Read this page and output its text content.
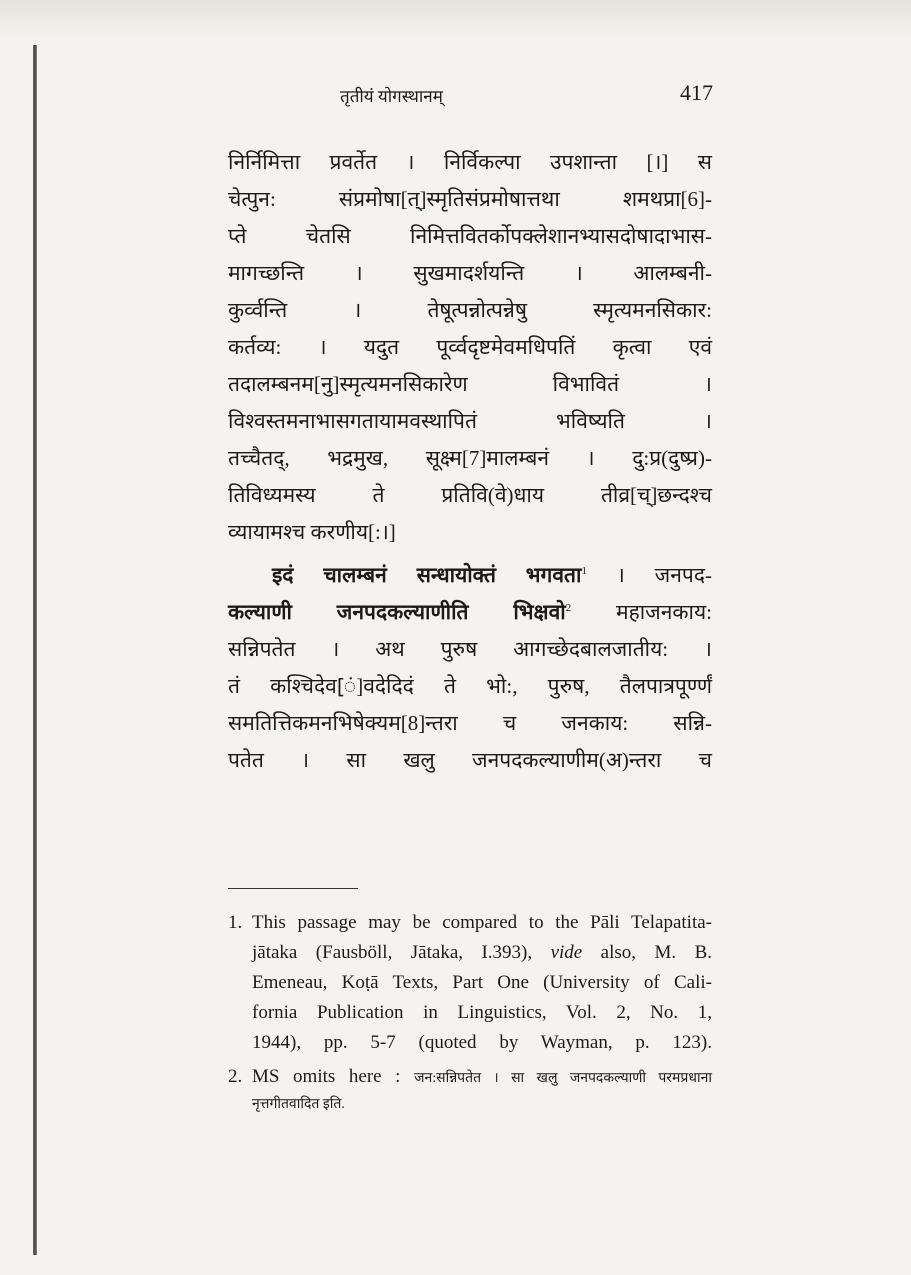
तृतीयं योगस्थानम्	417
निर्निमित्ता प्रवर्तेत । निर्विकल्पा उपशान्ता [।] स
चेत्पुन: संप्रमोषा[त्]स्मृतिसंप्रमोषात्तथा शमथप्रा[6]-
प्ते चेतसि निमित्तवितर्कोपक्लेशानभ्यासदोषादाभास-
मागच्छन्ति । सुखमादर्शयन्ति । आलम्बनी-
कुर्व्वन्ति । तेषूत्पन्नोत्पन्नेषु स्मृत्यमनसिकार:
कर्तव्य: । यदुत पूर्व्वदृष्टमेवमधिपतिं कृत्वा एवं
तदालम्बनम[नु]स्मृत्यमनसिकारेण विभावितं ।
विश्वस्तमनाभासगतायामवस्थापितं भविष्यति ।
तच्चैतद्, भद्रमुख, सूक्ष्म[7]मालम्बनं । दु:प्र(दुष्प्र)-
तिविध्यमस्य ते प्रतिवि(वे)धाय तीव्र[च्]छन्दश्च
व्यायामश्च करणीय[:।]
इदं चालम्बनं सन्धायोक्तं भगवता$^1$ । जनपद-
कल्याणी जनपदकल्याणीति भिक्षवो$^2$ महाजनकाय:
सन्निपतेत । अथ पुरुष आगच्छेदबालजातीय: ।
तं कश्चिदेव[ं]वदेदिदं ते भो:, पुरुष, तैलपात्रपूर्ण्णं
समतित्तिकमनभिषेक्यम[8]न्तरा च जनकाय: सन्नि-
पतेत । सा खलु जनपदकल्याणीम(अ)न्तरा च
1. This passage may be compared to the Pāli Telapatita-
jātaka (Fausböll, Jātaka, I.393), vide also, M. B.
Emeneau, Koṭā Texts, Part One (University of Cali-
fornia Publication in Linguistics, Vol. 2, No. 1,
1944), pp. 5-7 (quoted by Wayman, p. 123).
2. MS omits here : जन:सन्निपतेत । सा खलु जनपदकल्याणी परमप्रधाना
नृत्तगीतवादित इति.
